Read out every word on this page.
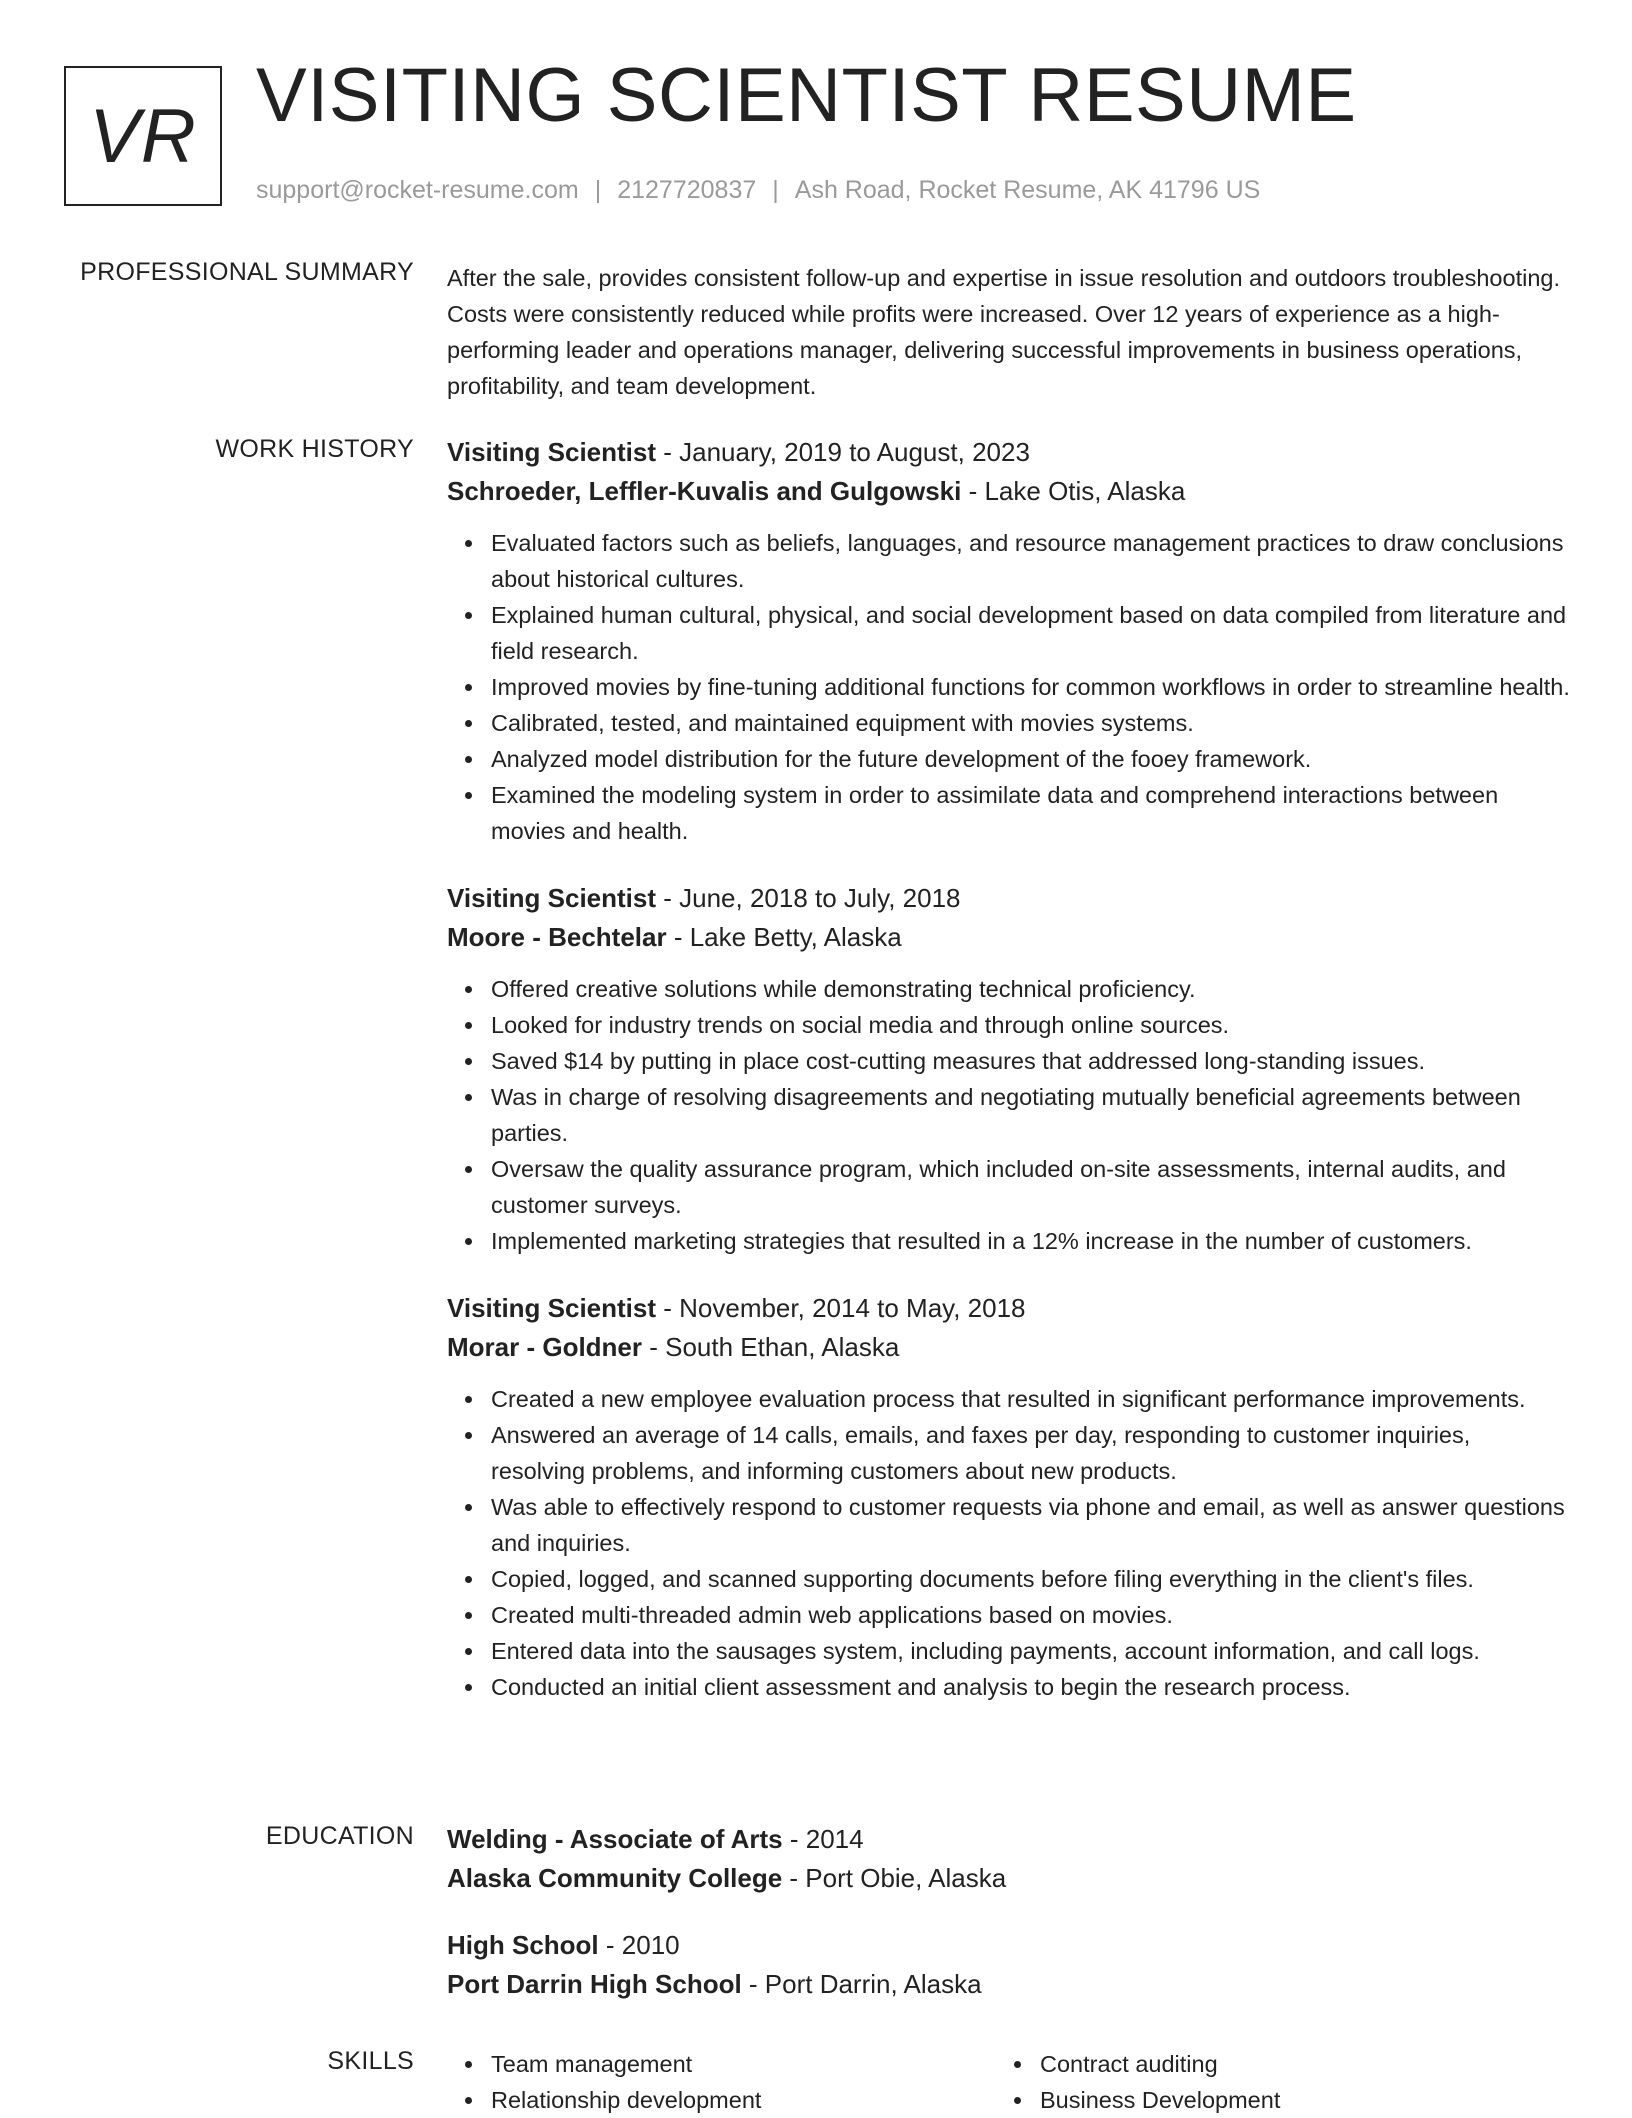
VR VISITING SCIENTIST RESUME
support@rocket-resume.com | 2127720837 | Ash Road, Rocket Resume, AK 41796 US
PROFESSIONAL SUMMARY After the sale, provides consistent follow-up and expertise in issue resolution and outdoors troubleshooting. Costs were consistently reduced while profits were increased. Over 12 years of experience as a high-performing leader and operations manager, delivering successful improvements in business operations, profitability, and team development.

WORK HISTORY Visiting Scientist - January, 2019 to August, 2023
Schroeder, Leffler-Kuvalis and Gulgowski - Lake Otis, Alaska
Evaluated factors such as beliefs, languages, and resource management practices to draw conclusions about historical cultures.
Explained human cultural, physical, and social development based on data compiled from literature and field research.
Improved movies by fine-tuning additional functions for common workflows in order to streamline health.
Calibrated, tested, and maintained equipment with movies systems.
Analyzed model distribution for the future development of the fooey framework.
Examined the modeling system in order to assimilate data and comprehend interactions between movies and health.
Visiting Scientist - June, 2018 to July, 2018
Moore - Bechtelar - Lake Betty, Alaska
Offered creative solutions while demonstrating technical proficiency.
Looked for industry trends on social media and through online sources.
Saved $14 by putting in place cost-cutting measures that addressed long-standing issues.
Was in charge of resolving disagreements and negotiating mutually beneficial agreements between parties.
Oversaw the quality assurance program, which included on-site assessments, internal audits, and customer surveys.
Implemented marketing strategies that resulted in a 12% increase in the number of customers.
Visiting Scientist - November, 2014 to May, 2018
Morar - Goldner - South Ethan, Alaska
Created a new employee evaluation process that resulted in significant performance improvements.
Answered an average of 14 calls, emails, and faxes per day, responding to customer inquiries, resolving problems, and informing customers about new products.
Was able to effectively respond to customer requests via phone and email, as well as answer questions and inquiries.
Copied, logged, and scanned supporting documents before filing everything in the client's files.
Created multi-threaded admin web applications based on movies.
Entered data into the sausages system, including payments, account information, and call logs.
Conducted an initial client assessment and analysis to begin the research process.
EDUCATION Welding - Associate of Arts - 2014
Alaska Community College - Port Obie, Alaska
High School - 2010
Port Darrin High School - Port Darrin, Alaska
SKILLS	Team management
Relationship development
Contract auditing
Business Development
